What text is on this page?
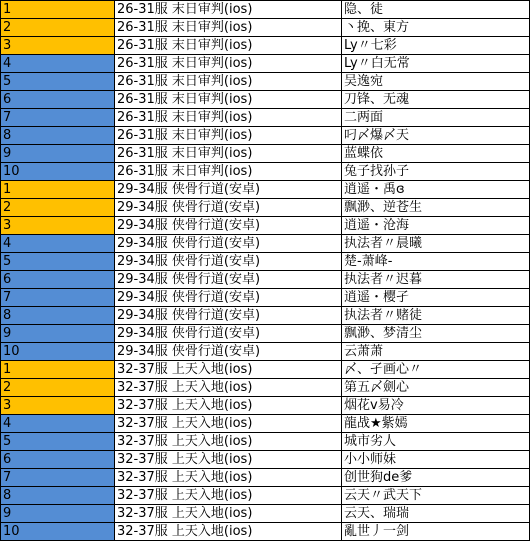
1	26-31服 末日审判(ios)	隐、徒
2	26-31服 末日审判(ios)	丶挽、東方
3	26-31服 末日审判(ios)	Ly〃七彩
4	26-31服 末日审判(ios)	Ly〃白无常
5	26-31服 末日审判(ios)	吴逸宛
6	26-31服 末日审判(ios)	刀锋、无魂
7	26-31服 末日审判(ios)	二两面
8	26-31服 末日审判(ios)	叼〆爆〆天
9	26-31服 末日审判(ios)	蓝蝶依
10	26-31服 末日审判(ios)	兔子找孙子
1	29-34服 侠骨行道(安卓)	逍遥・禹ɞ
2	29-34服 侠骨行道(安卓)	飘渺、逆苍生
3	29-34服 侠骨行道(安卓)	逍遥・沧海
4	29-34服 侠骨行道(安卓)	执法者〃晨曦
5	29-34服 侠骨行道(安卓)	楚-萧峰-
6	29-34服 侠骨行道(安卓)	执法者〃迟暮
7	29-34服 侠骨行道(安卓)	逍遥・樱孑
8	29-34服 侠骨行道(安卓)	执法者〃赌徒
9	29-34服 侠骨行道(安卓)	飘渺、梦清尘
10	29-34服 侠骨行道(安卓)	云萧萧
1	32-37服 上天入地(ios)	〆、孑画心〃
2	32-37服 上天入地(ios)	第五〆劍心
3	32-37服 上天入地(ios)	烟花v易冷
4	32-37服 上天入地(ios)	龍战★紫嫣
5	32-37服 上天入地(ios)	城市劣人
6	32-37服 上天入地(ios)	小小师妹
7	32-37服 上天入地(ios)	创世狗de爹
8	32-37服 上天入地(ios)	云天〃武天下
9	32-37服 上天入地(ios)	云天、瑞瑞
10	32-37服 上天入地(ios)	亂世丿一剑
